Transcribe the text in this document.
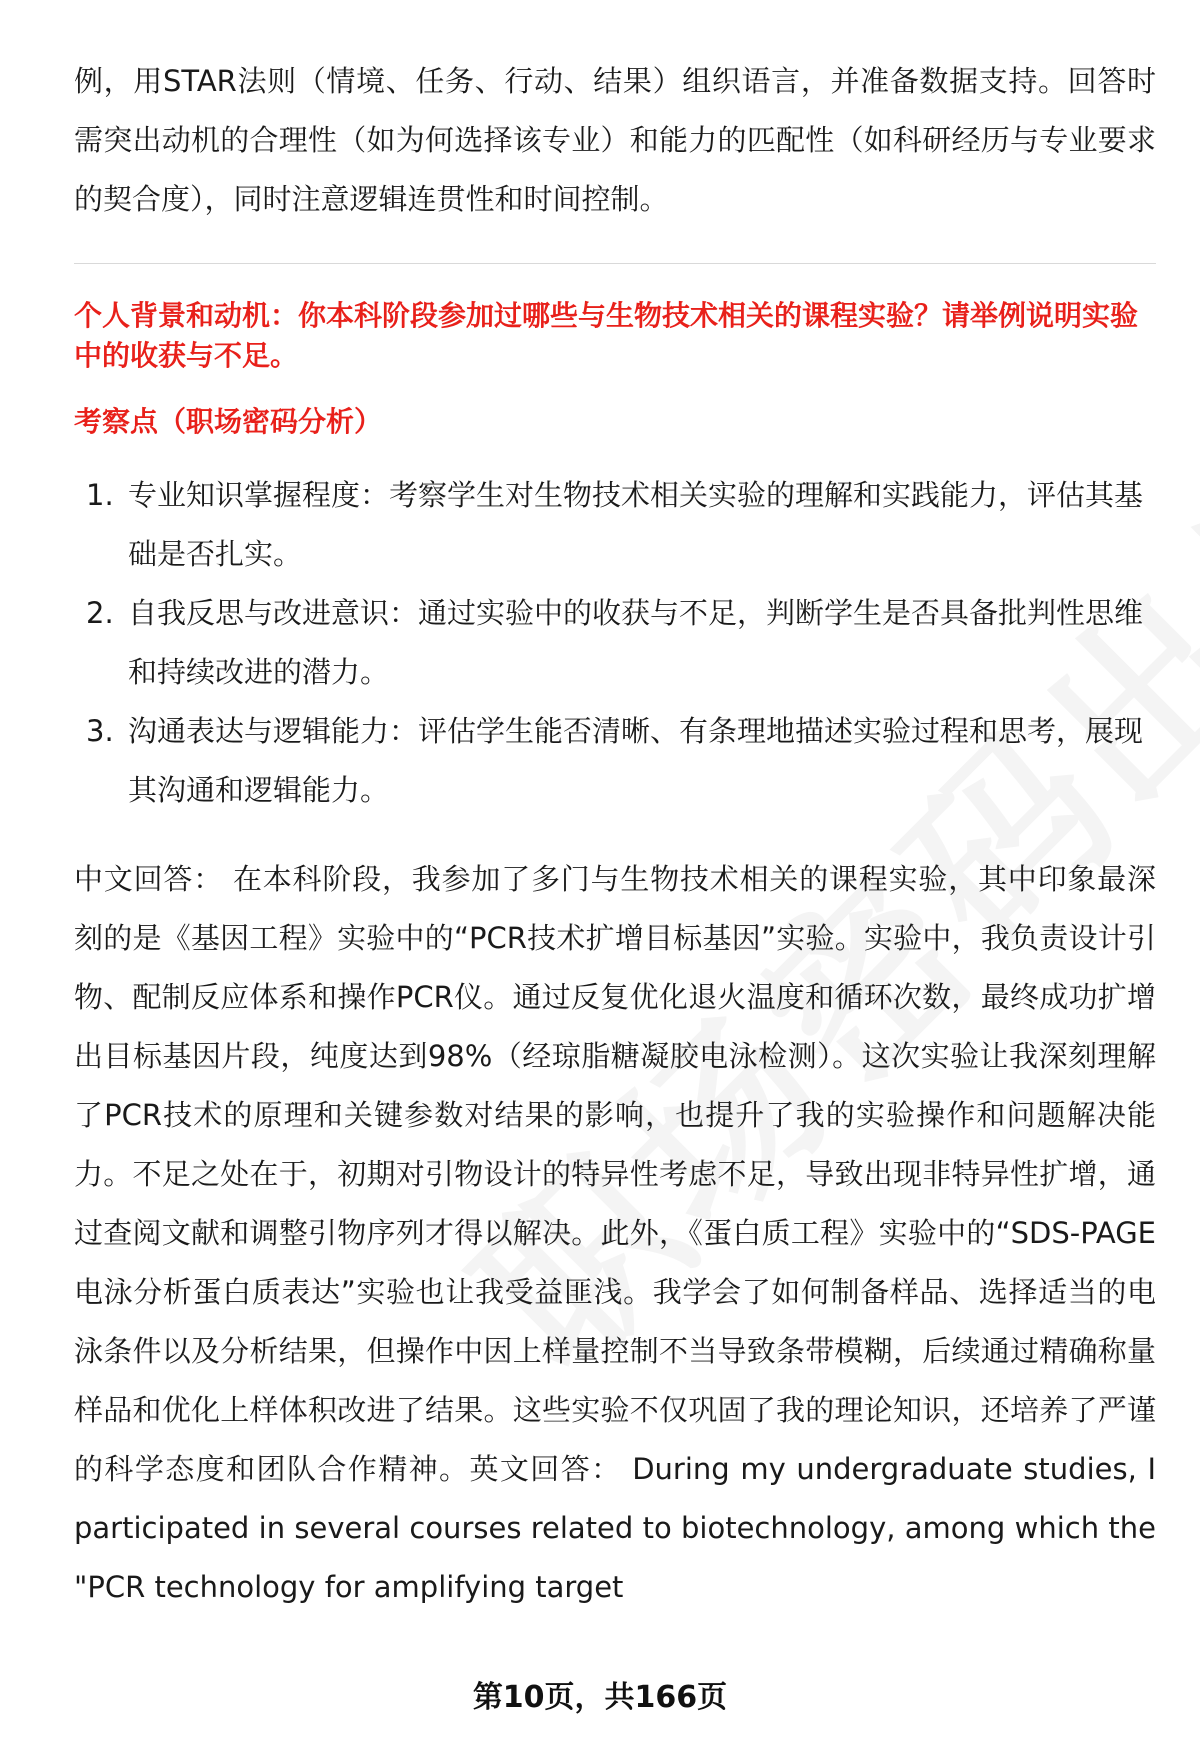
例，用STAR法则（情境、任务、行动、结果）组织语言，并准备数据支持。回答时需突出动机的合理性（如为何选择该专业）和能力的匹配性（如科研经历与专业要求的契合度），同时注意逻辑连贯性和时间控制。

个人背景和动机：你本科阶段参加过哪些与生物技术相关的课程实验？请举例说明实验中的收获与不足。

考察点（职场密码分析）

1. 专业知识掌握程度：考察学生对生物技术相关实验的理解和实践能力，评估其基础是否扎实。
2. 自我反思与改进意识：通过实验中的收获与不足，判断学生是否具备批判性思维和持续改进的潜力。
3. 沟通表达与逻辑能力：评估学生能否清晰、有条理地描述实验过程和思考，展现其沟通和逻辑能力。

中文回答： 在本科阶段，我参加了多门与生物技术相关的课程实验，其中印象最深刻的是《基因工程》实验中的“PCR技术扩增目标基因”实验。实验中，我负责设计引物、配制反应体系和操作PCR仪。通过反复优化退火温度和循环次数，最终成功扩增出目标基因片段，纯度达到98%（经琼脂糖凝胶电泳检测）。这次实验让我深刻理解了PCR技术的原理和关键参数对结果的影响，也提升了我的实验操作和问题解决能力。不足之处在于，初期对引物设计的特异性考虑不足，导致出现非特异性扩增，通过查阅文献和调整引物序列才得以解决。此外，《蛋白质工程》实验中的“SDS-PAGE电泳分析蛋白质表达”实验也让我受益匪浅。我学会了如何制备样品、选择适当的电泳条件以及分析结果，但操作中因上样量控制不当导致条带模糊，后续通过精确称量样品和优化上样体积改进了结果。这些实验不仅巩固了我的理论知识，还培养了严谨的科学态度和团队合作精神。英文回答： During my undergraduate studies, I participated in several courses related to biotechnology, among which the "PCR technology for amplifying target

第10页，共166页
